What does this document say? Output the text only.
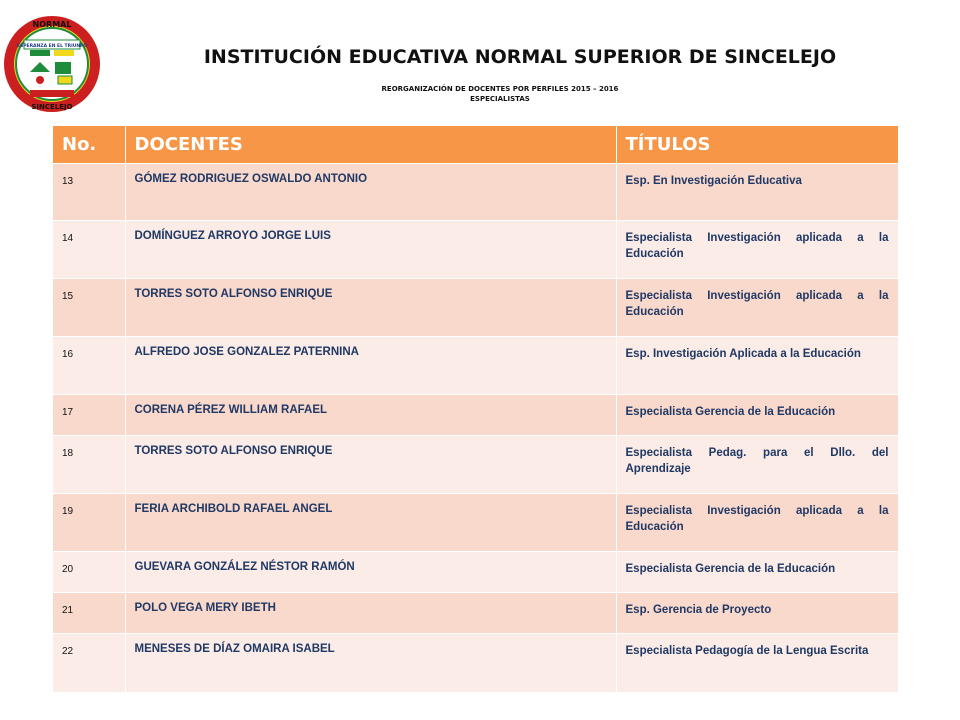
NORMAL
ESPERANZA EN EL TRIUNFO
SINCELEJO
INSTITUCIÓN EDUCATIVA NORMAL SUPERIOR DE SINCELEJO
REORGANIZACIÓN DE DOCENTES POR PERFILES 2015 – 2016
ESPECIALISTAS
No.	DOCENTES	TÍTULOS
13	GÓMEZ RODRIGUEZ OSWALDO ANTONIO	Esp. En Investigación Educativa
14	DOMÍNGUEZ ARROYO JORGE LUIS	Especialista Investigación aplicada a la Educación
15	TORRES SOTO ALFONSO ENRIQUE	Especialista Investigación aplicada a la Educación
16	ALFREDO JOSE GONZALEZ PATERNINA	Esp. Investigación Aplicada a la Educación
17	CORENA PÉREZ WILLIAM RAFAEL	Especialista Gerencia de la Educación
18	TORRES SOTO ALFONSO ENRIQUE	Especialista Pedag. para el Dllo. del Aprendizaje
19	FERIA ARCHIBOLD RAFAEL ANGEL	Especialista Investigación aplicada a la Educación
20	GUEVARA GONZÁLEZ NÉSTOR RAMÓN	Especialista Gerencia de la Educación
21	POLO VEGA MERY IBETH	Esp. Gerencia de Proyecto
22	MENESES DE DÍAZ OMAIRA ISABEL	Especialista Pedagogía de la Lengua Escrita
